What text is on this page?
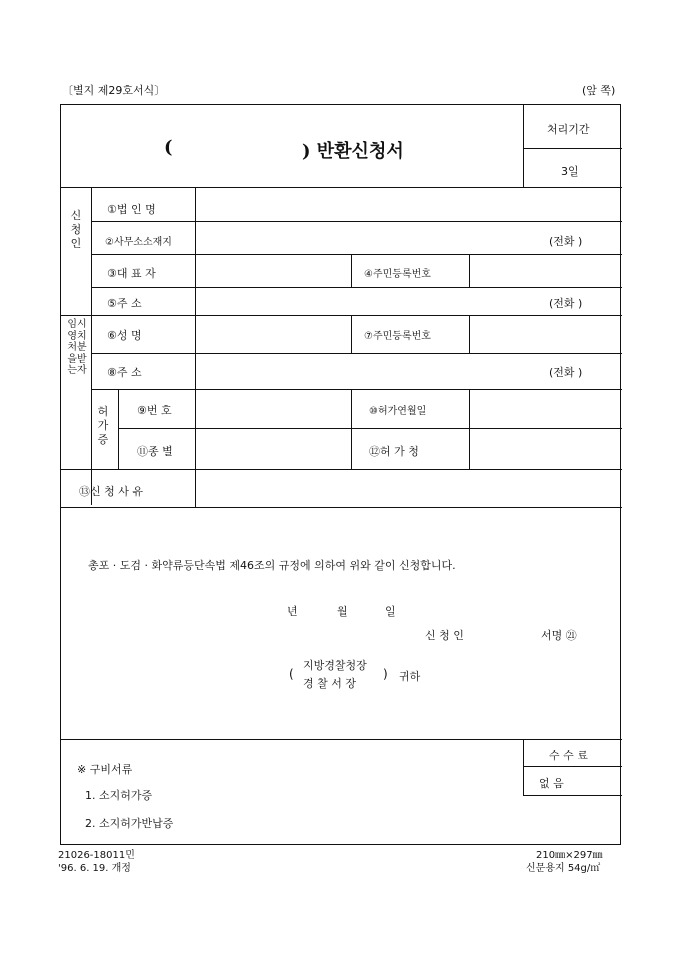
〔별지 제29호서식〕	(앞 쪽)
(	) 반환신청서
처리기간
3일
신청인
①법 인 명
②사무소소재지	(전화 )
③대 표 자	④주민등록번호
⑤주 소	(전화 )
임시영치처분을받는자
⑥성 명	⑦주민등록번호
⑧주 소	(전화 )
허가증
⑨번 호	⑩허가연월일
⑪종 별	⑫허 가 청
⑬신 청 사 유
총포 · 도검 · 화약류등단속법 제46조의 규정에 의하여 위와 같이 신청합니다.
년	월	일
신 청 인	서명 ㉑
(
지방경찰청장
경 찰 서 장
) 귀하
※ 구비서류
1. 소지허가증
2. 소지허가반납증
수 수 료
없 음
21026-18011민
'96. 6. 19. 개정
210㎜×297㎜
신문용지 54g/㎡
